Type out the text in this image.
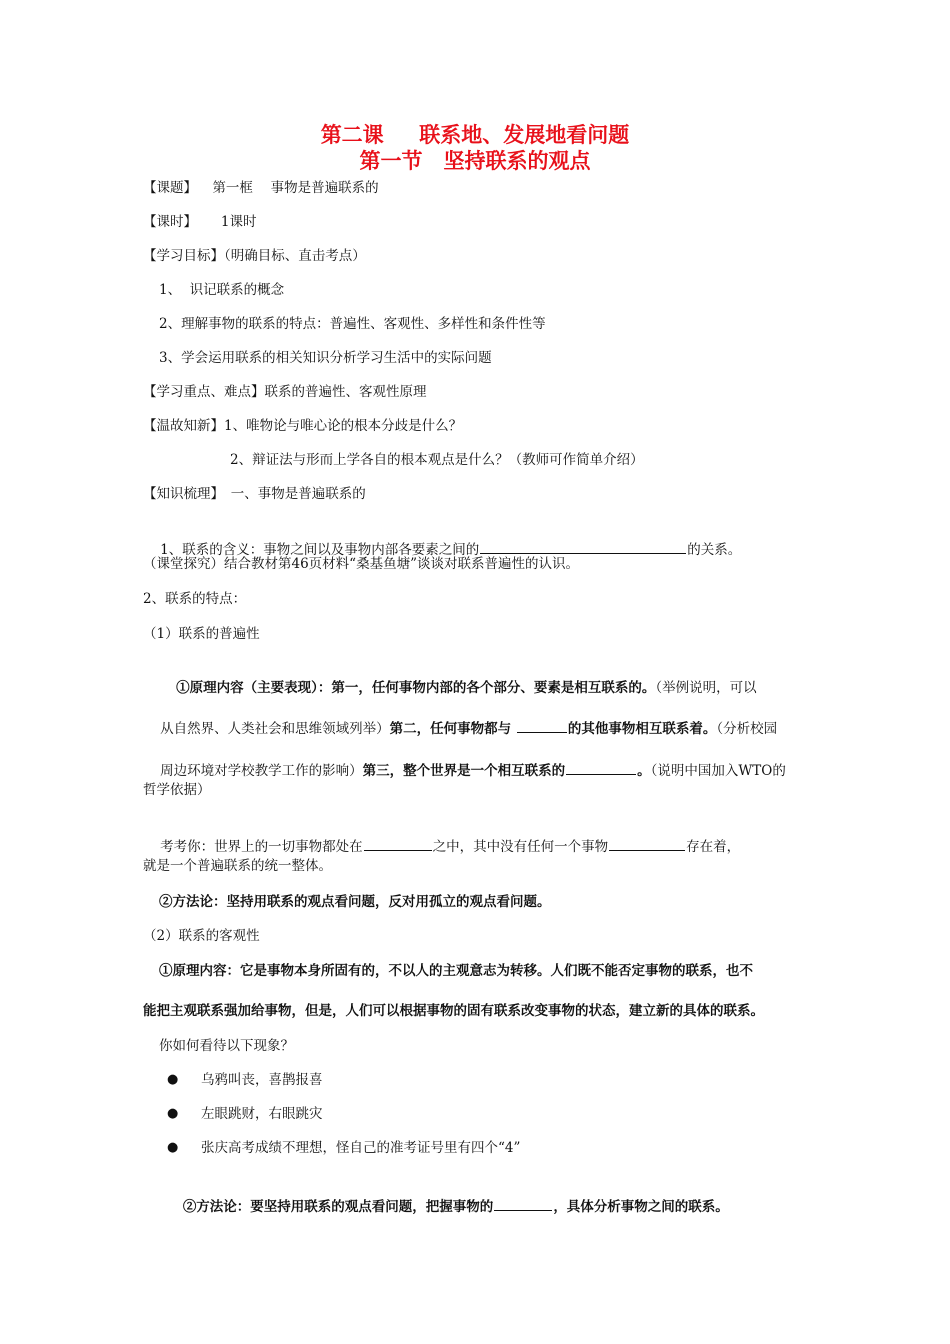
第二课　  联系地、发展地看问题
第一节　坚持联系的观点
【课题】　  第一框　 事物是普遍联系的
【课时】　    1课时
【学习目标】（明确目标、直击考点）
1、  识记联系的概念
2、理解事物的联系的特点：普遍性、客观性、多样性和条件性等
3、学会运用联系的相关知识分析学习生活中的实际问题
【学习重点、难点】联系的普遍性、客观性原理
【温故知新】1、唯物论与唯心论的根本分歧是什么？
2、辩证法与形而上学各自的根本观点是什么？（教师可作简单介绍）
【知识梳理】　一、事物是普遍联系的

1、联系的含义：事物之间以及事物内部各要素之间的	的关系。

（课堂探究）结合教材第46页材料“桑基鱼塘”谈谈对联系普遍性的认识。
2、联系的特点：
（1）联系的普遍性

①原理内容（主要表现）：第一，任何事物内部的各个部分、要素是相互联系的。（举例说明，可以

从自然界、人类社会和思维领域列举）第二，任何事物都与	的其他事物相互联系着。（分析校园

周边环境对学校教学工作的影响）第三，整个世界是一个相互联系的	。（说明中国加入WTO的

哲学依据）

考考你：世界上的一切事物都处在	之中，其中没有任何一个事物	存在着，

就是一个普遍联系的统一整体。
②方法论：坚持用联系的观点看问题，反对用孤立的观点看问题。
（2）联系的客观性
①原理内容：它是事物本身所固有的，不以人的主观意志为转移。人们既不能否定事物的联系，也不
能把主观联系强加给事物，但是，人们可以根据事物的固有联系改变事物的状态，建立新的具体的联系。
你如何看待以下现象？
● 乌鸦叫丧，喜鹊报喜
● 左眼跳财，右眼跳灾
● 张庆高考成绩不理想，怪自己的准考证号里有四个“4”

②方法论：要坚持用联系的观点看问题，把握事物的	，具体分析事物之间的联系。
